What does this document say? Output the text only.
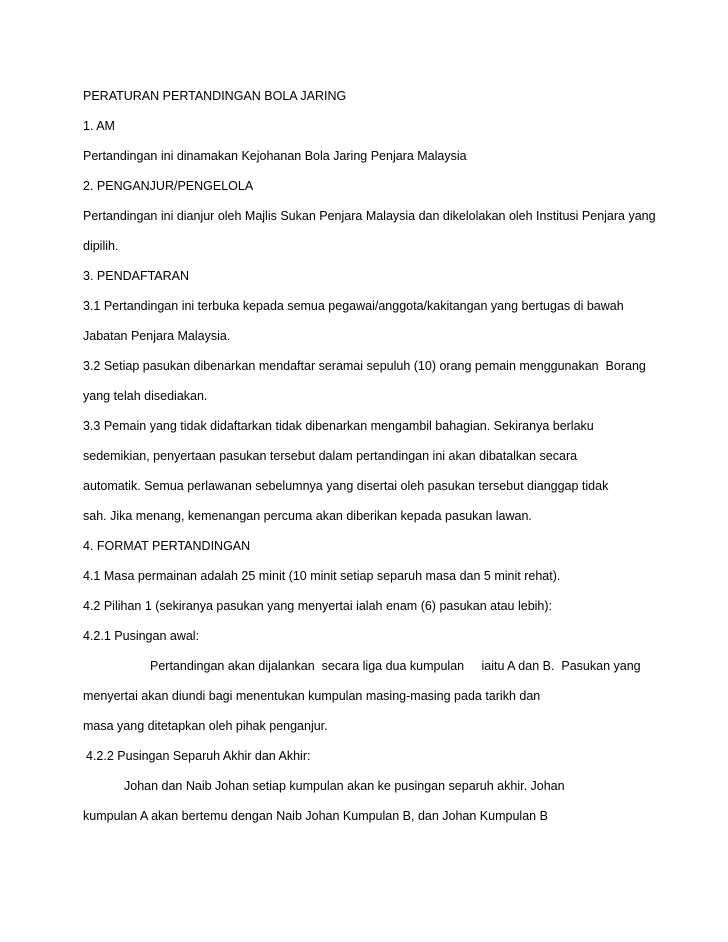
PERATURAN PERTANDINGAN BOLA JARING

1. AM

Pertandingan ini dinamakan Kejohanan Bola Jaring Penjara Malaysia

2. PENGANJUR/PENGELOLA

Pertandingan ini dianjur oleh Majlis Sukan Penjara Malaysia dan dikelolakan oleh Institusi Penjara yang

dipilih.

3. PENDAFTARAN

3.1 Pertandingan ini terbuka kepada semua pegawai/anggota/kakitangan yang bertugas di bawah

Jabatan Penjara Malaysia.

3.2 Setiap pasukan dibenarkan mendaftar seramai sepuluh (10) orang pemain menggunakan  Borang

yang telah disediakan.

3.3 Pemain yang tidak didaftarkan tidak dibenarkan mengambil bahagian. Sekiranya berlaku

sedemikian, penyertaan pasukan tersebut dalam pertandingan ini akan dibatalkan secara

automatik. Semua perlawanan sebelumnya yang disertai oleh pasukan tersebut dianggap tidak

sah. Jika menang, kemenangan percuma akan diberikan kepada pasukan lawan.

4. FORMAT PERTANDINGAN

4.1 Masa permainan adalah 25 minit (10 minit setiap separuh masa dan 5 minit rehat).

4.2 Pilihan 1 (sekiranya pasukan yang menyertai ialah enam (6) pasukan atau lebih):

4.2.1 Pusingan awal:

Pertandingan akan dijalankan  secara liga dua kumpulan     iaitu A dan B.  Pasukan yang

menyertai akan diundi bagi menentukan kumpulan masing-masing pada tarikh dan

masa yang ditetapkan oleh pihak penganjur.

4.2.2 Pusingan Separuh Akhir dan Akhir:

Johan dan Naib Johan setiap kumpulan akan ke pusingan separuh akhir. Johan

kumpulan A akan bertemu dengan Naib Johan Kumpulan B, dan Johan Kumpulan B
